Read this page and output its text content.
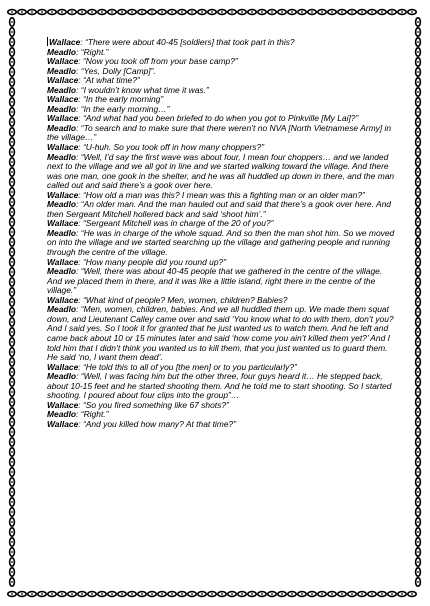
Wallace: “There were about 40-45 [soldiers] that took part in this?

Meadlo: “Right.”

Wallace: “Now you took off from your base camp?”

Meadlo: “Yes, Dolly [Camp]”.

Wallace: “At what time?”

Meadlo: “I wouldn’t know what time it was.”

Wallace: “In the early morning”

Meadlo: “In the early morning…”

Wallace: “And what had you been briefed to do when you got to Pinkville [My Lai]?”

Meadlo: “To search and to make sure that there weren’t no NVA [North Vietnamese Army] in the village…”

Wallace: “U-huh. So you took off in how many choppers?”

Meadlo: “Well, I’d say the first wave was about four, I mean four choppers… and we landed next to the village and we all got in line and we started walking toward the village. And there was one man, one gook in the shelter, and he was all huddled up down in there, and the man called out and said there’s a gook over here.

Wallace: “How old a man was this? I mean was this a fighting man or an older man?”

Meadlo: “An older man. And the man hauled out and said that there’s a gook over here. And then Sergeant Mitchell hollered back and said ‘shoot him’.”

Wallace: “Sergeant Mitchell was in charge of the 20 of you?”

Meadlo: “He was in charge of the whole squad. And so then the man shot him. So we moved on into the village and we started searching up the village and gathering people and running through the centre of the village.

Wallace: “How many people did you round up?”

Meadlo: “Well, there was about 40-45 people that we gathered in the centre of the village. And we placed them in there, and it was like a little island, right there in the centre of the village.”

Wallace: “What kind of people? Men, women, children? Babies?

Meadlo: “Men, women, children, babies. And we all huddled them up. We made them squat down, and Lieutenant Calley came over and said ‘You know what to do with them, don’t you? And I said yes. So I took it for granted that he just wanted us to watch them. And he left and came back about 10 or 15 minutes later and said ‘how come you ain’t killed them yet?’ And I told him that I didn’t think you wanted us to kill them, that you just wanted us to guard them. He said ‘no, I want them dead’.

Wallace: “He told this to all of you [the men] or to you particularly?”

Meadlo: “Well, I was facing him but the other three, four guys heard it… He stepped back, about 10-15 feet and he started shooting them. And he told me to start shooting. So I started shooting. I poured about four clips into the group”…

Wallace: “So you fired something like 67 shots?”

Meadlo: “Right.”

Wallace: “And you killed how many? At that time?”
